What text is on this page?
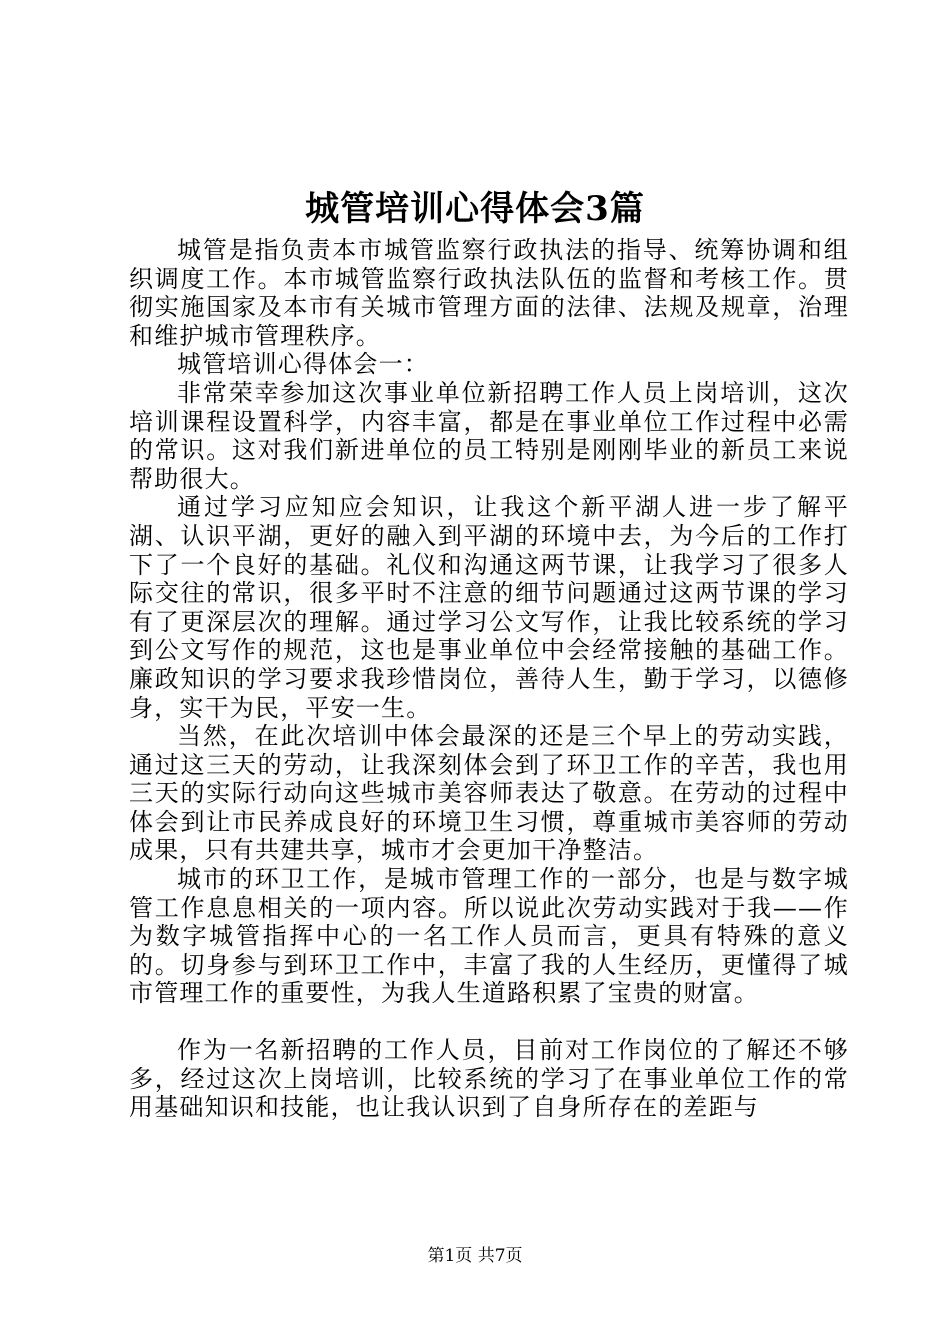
城管培训心得体会3篇

城管是指负责本市城管监察行政执法的指导、统筹协调和组织调度工作。本市城管监察行政执法队伍的监督和考核工作。贯彻实施国家及本市有关城市管理方面的法律、法规及规章，治理和维护城市管理秩序。

城管培训心得体会一：

非常荣幸参加这次事业单位新招聘工作人员上岗培训，这次培训课程设置科学，内容丰富，都是在事业单位工作过程中必需的常识。这对我们新进单位的员工特别是刚刚毕业的新员工来说帮助很大。

通过学习应知应会知识，让我这个新平湖人进一步了解平湖、认识平湖，更好的融入到平湖的环境中去，为今后的工作打下了一个良好的基础。礼仪和沟通这两节课，让我学习了很多人际交往的常识，很多平时不注意的细节问题通过这两节课的学习有了更深层次的理解。通过学习公文写作，让我比较系统的学习到公文写作的规范，这也是事业单位中会经常接触的基础工作。廉政知识的学习要求我珍惜岗位，善待人生，勤于学习，以德修身，实干为民，平安一生。

当然，在此次培训中体会最深的还是三个早上的劳动实践，通过这三天的劳动，让我深刻体会到了环卫工作的辛苦，我也用三天的实际行动向这些城市美容师表达了敬意。在劳动的过程中体会到让市民养成良好的环境卫生习惯，尊重城市美容师的劳动成果，只有共建共享，城市才会更加干净整洁。

城市的环卫工作，是城市管理工作的一部分，也是与数字城管工作息息相关的一项内容。所以说此次劳动实践对于我——作为数字城管指挥中心的一名工作人员而言，更具有特殊的意义的。切身参与到环卫工作中，丰富了我的人生经历，更懂得了城市管理工作的重要性，为我人生道路积累了宝贵的财富。

作为一名新招聘的工作人员，目前对工作岗位的了解还不够多，经过这次上岗培训，比较系统的学习了在事业单位工作的常用基础知识和技能，也让我认识到了自身所存在的差距与

第1页 共7页
